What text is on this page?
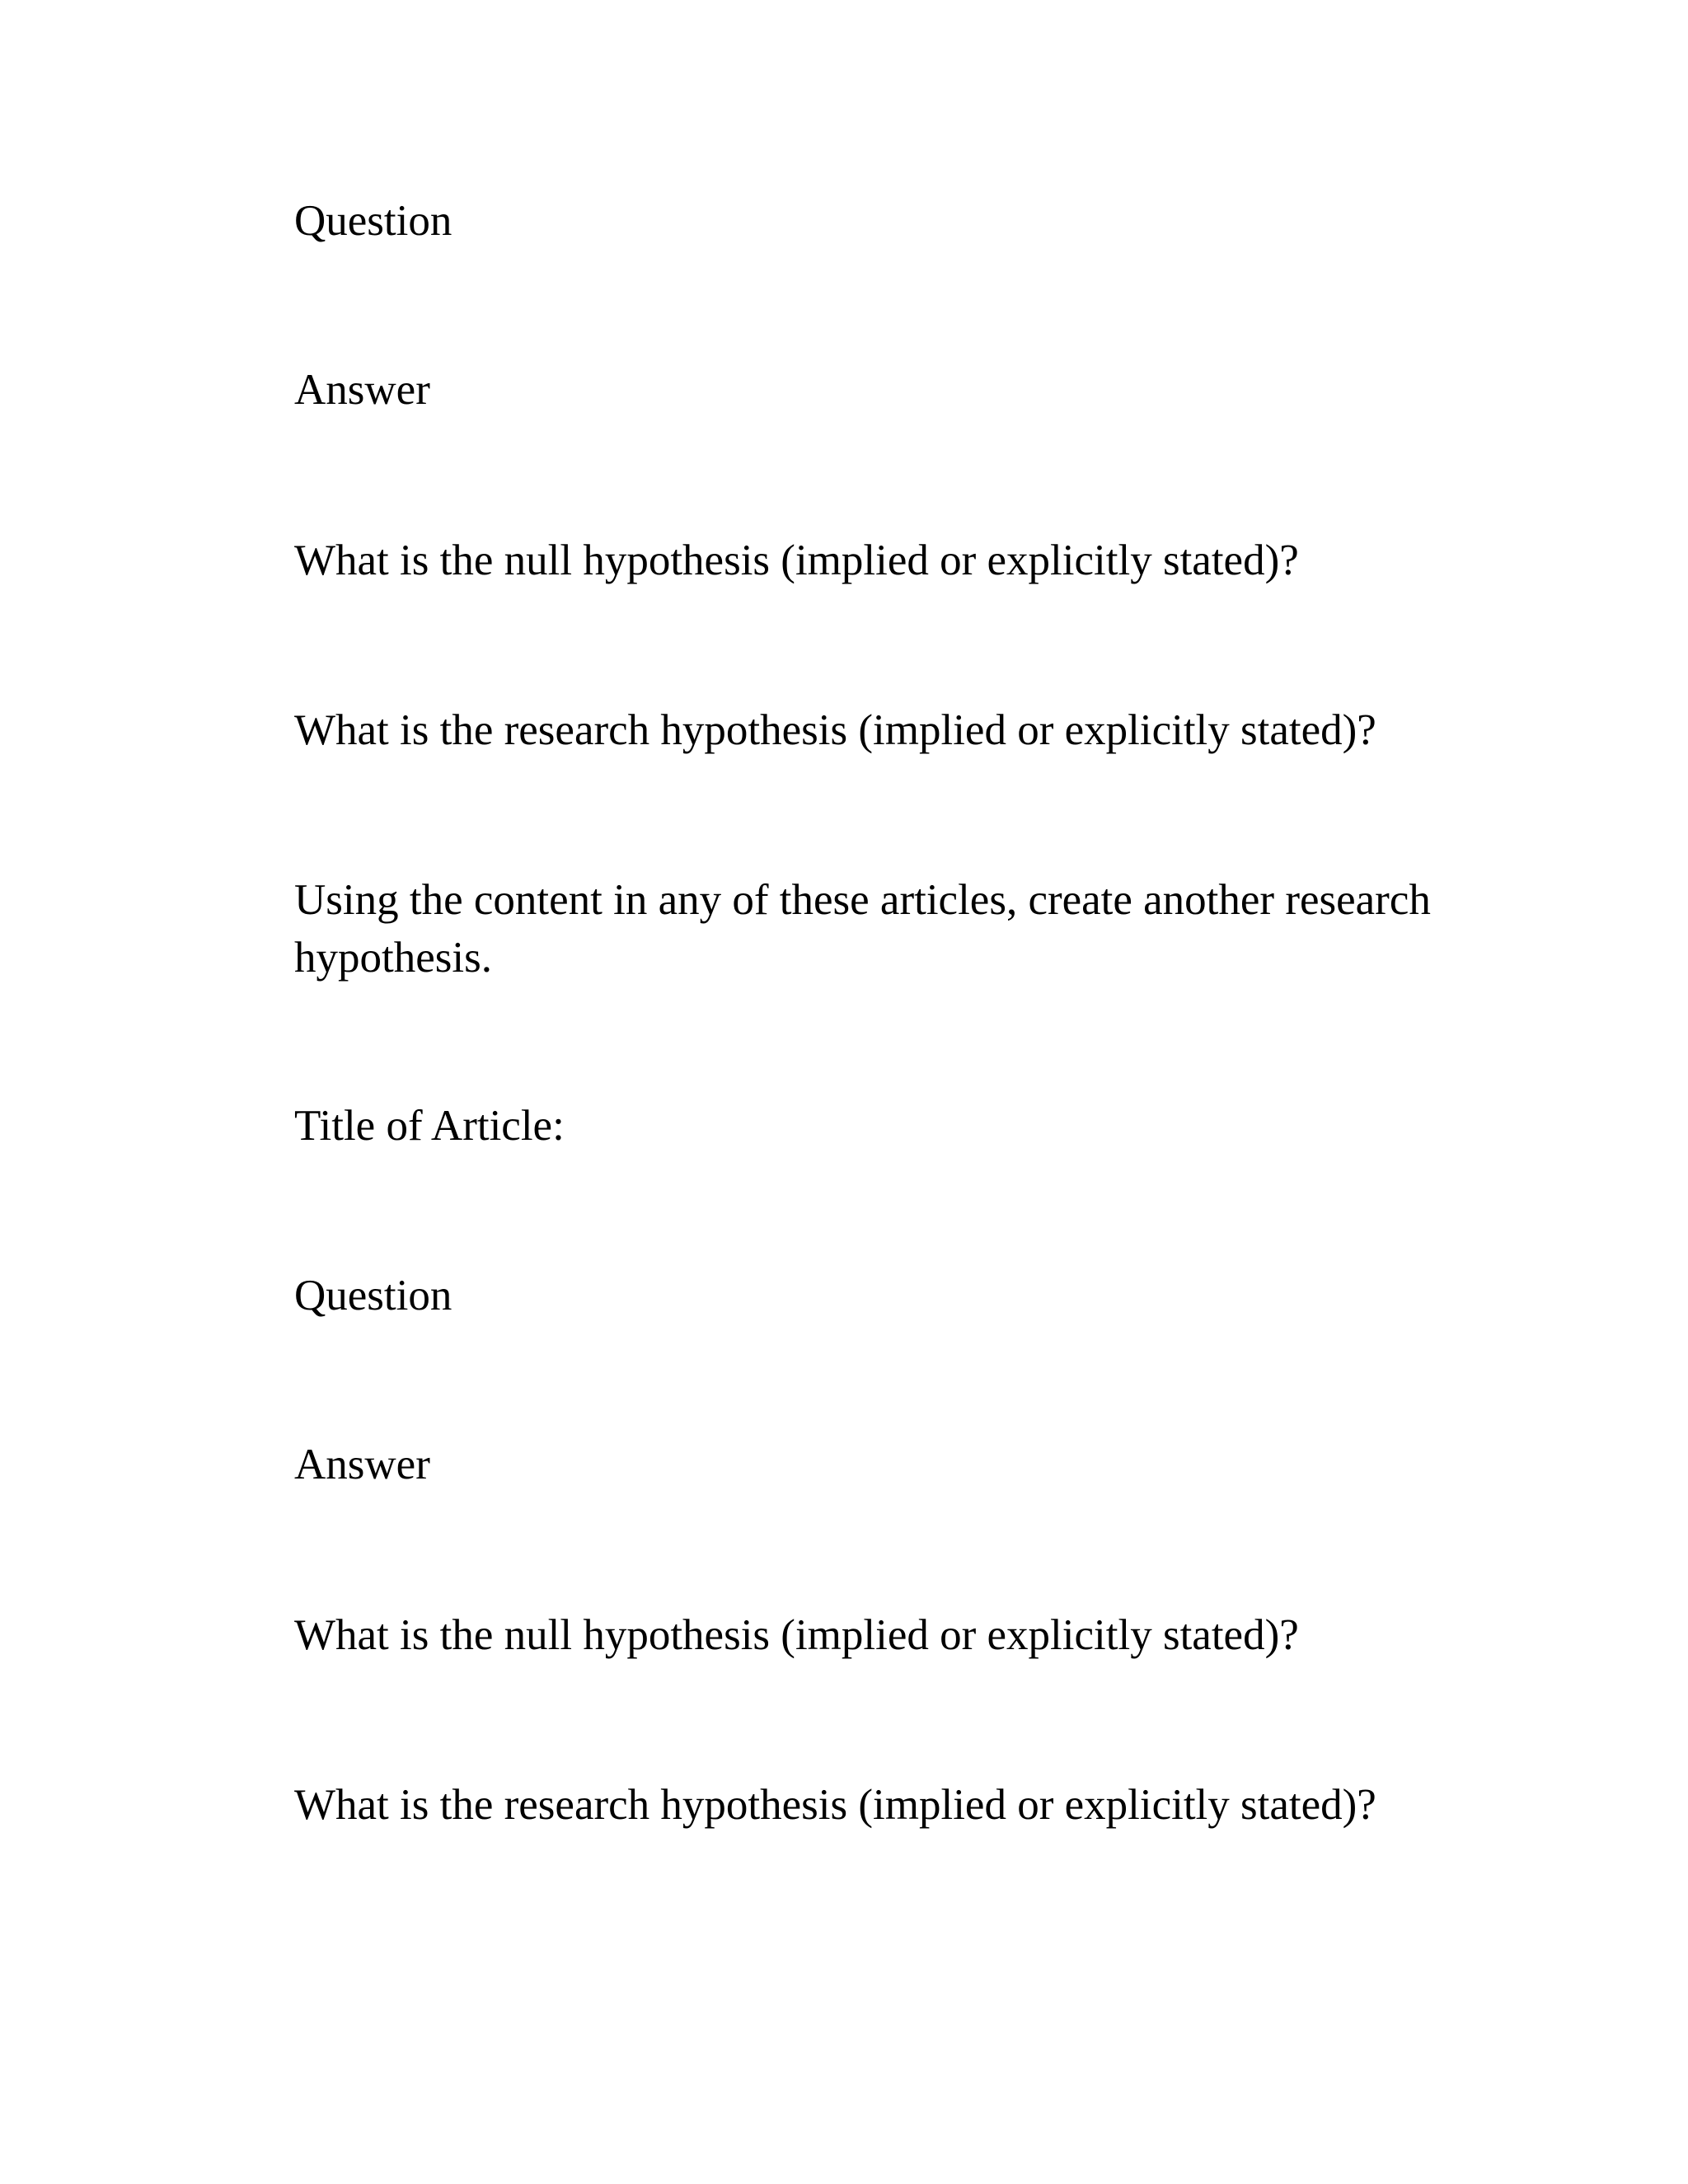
Question
Answer
What is the null hypothesis (implied or explicitly stated)?
What is the research hypothesis (implied or explicitly stated)?
Using the content in any of these articles, create another research hypothesis.
Title of Article:
Question
Answer
What is the null hypothesis (implied or explicitly stated)?
What is the research hypothesis (implied or explicitly stated)?
